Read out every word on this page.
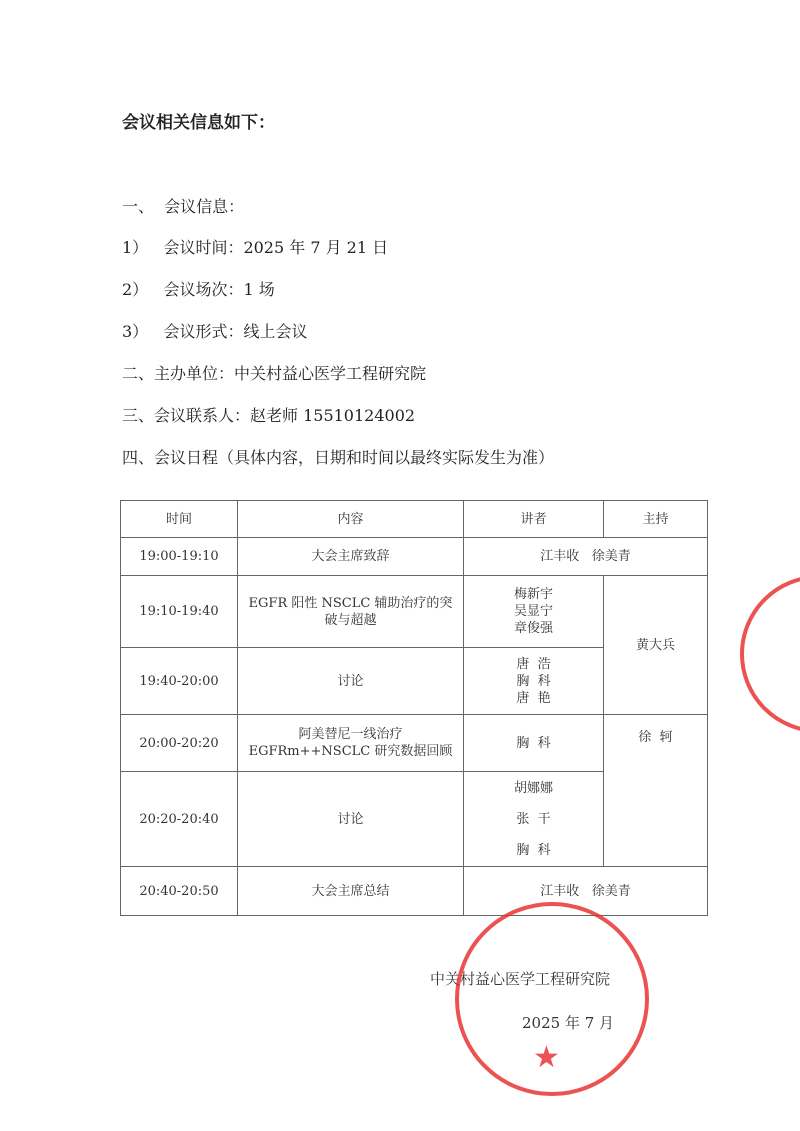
会议相关信息如下：
一、  会议信息：
1）   会议时间：2025 年 7 月 21 日
2）   会议场次：1 场
3）   会议形式：线上会议
二、主办单位：中关村益心医学工程研究院
三、会议联系人：赵老师 15510124002
四、会议日程（具体内容，日期和时间以最终实际发生为准）
时间	内容	讲者	主持
19:00-19:10	大会主席致辞	江丰收   徐美青	
19:10-19:40	EGFR 阳性 NSCLC 辅助治疗的突破与超越	梅新宇
吴显宁
章俊强	黄大兵
19:40-20:00	讨论	唐  浩
胸  科
唐  艳	

20:00-20:20	阿美替尼一线治疗
EGFRm++NSCLC 研究数据回顾	胸  科	徐  轲
20:20-20:40	讨论	胡娜娜
张  干
胸  科	

20:40-20:50	大会主席总结	江丰收   徐美青	
中关村益心医学工程研究院
2025 年 7 月
★
